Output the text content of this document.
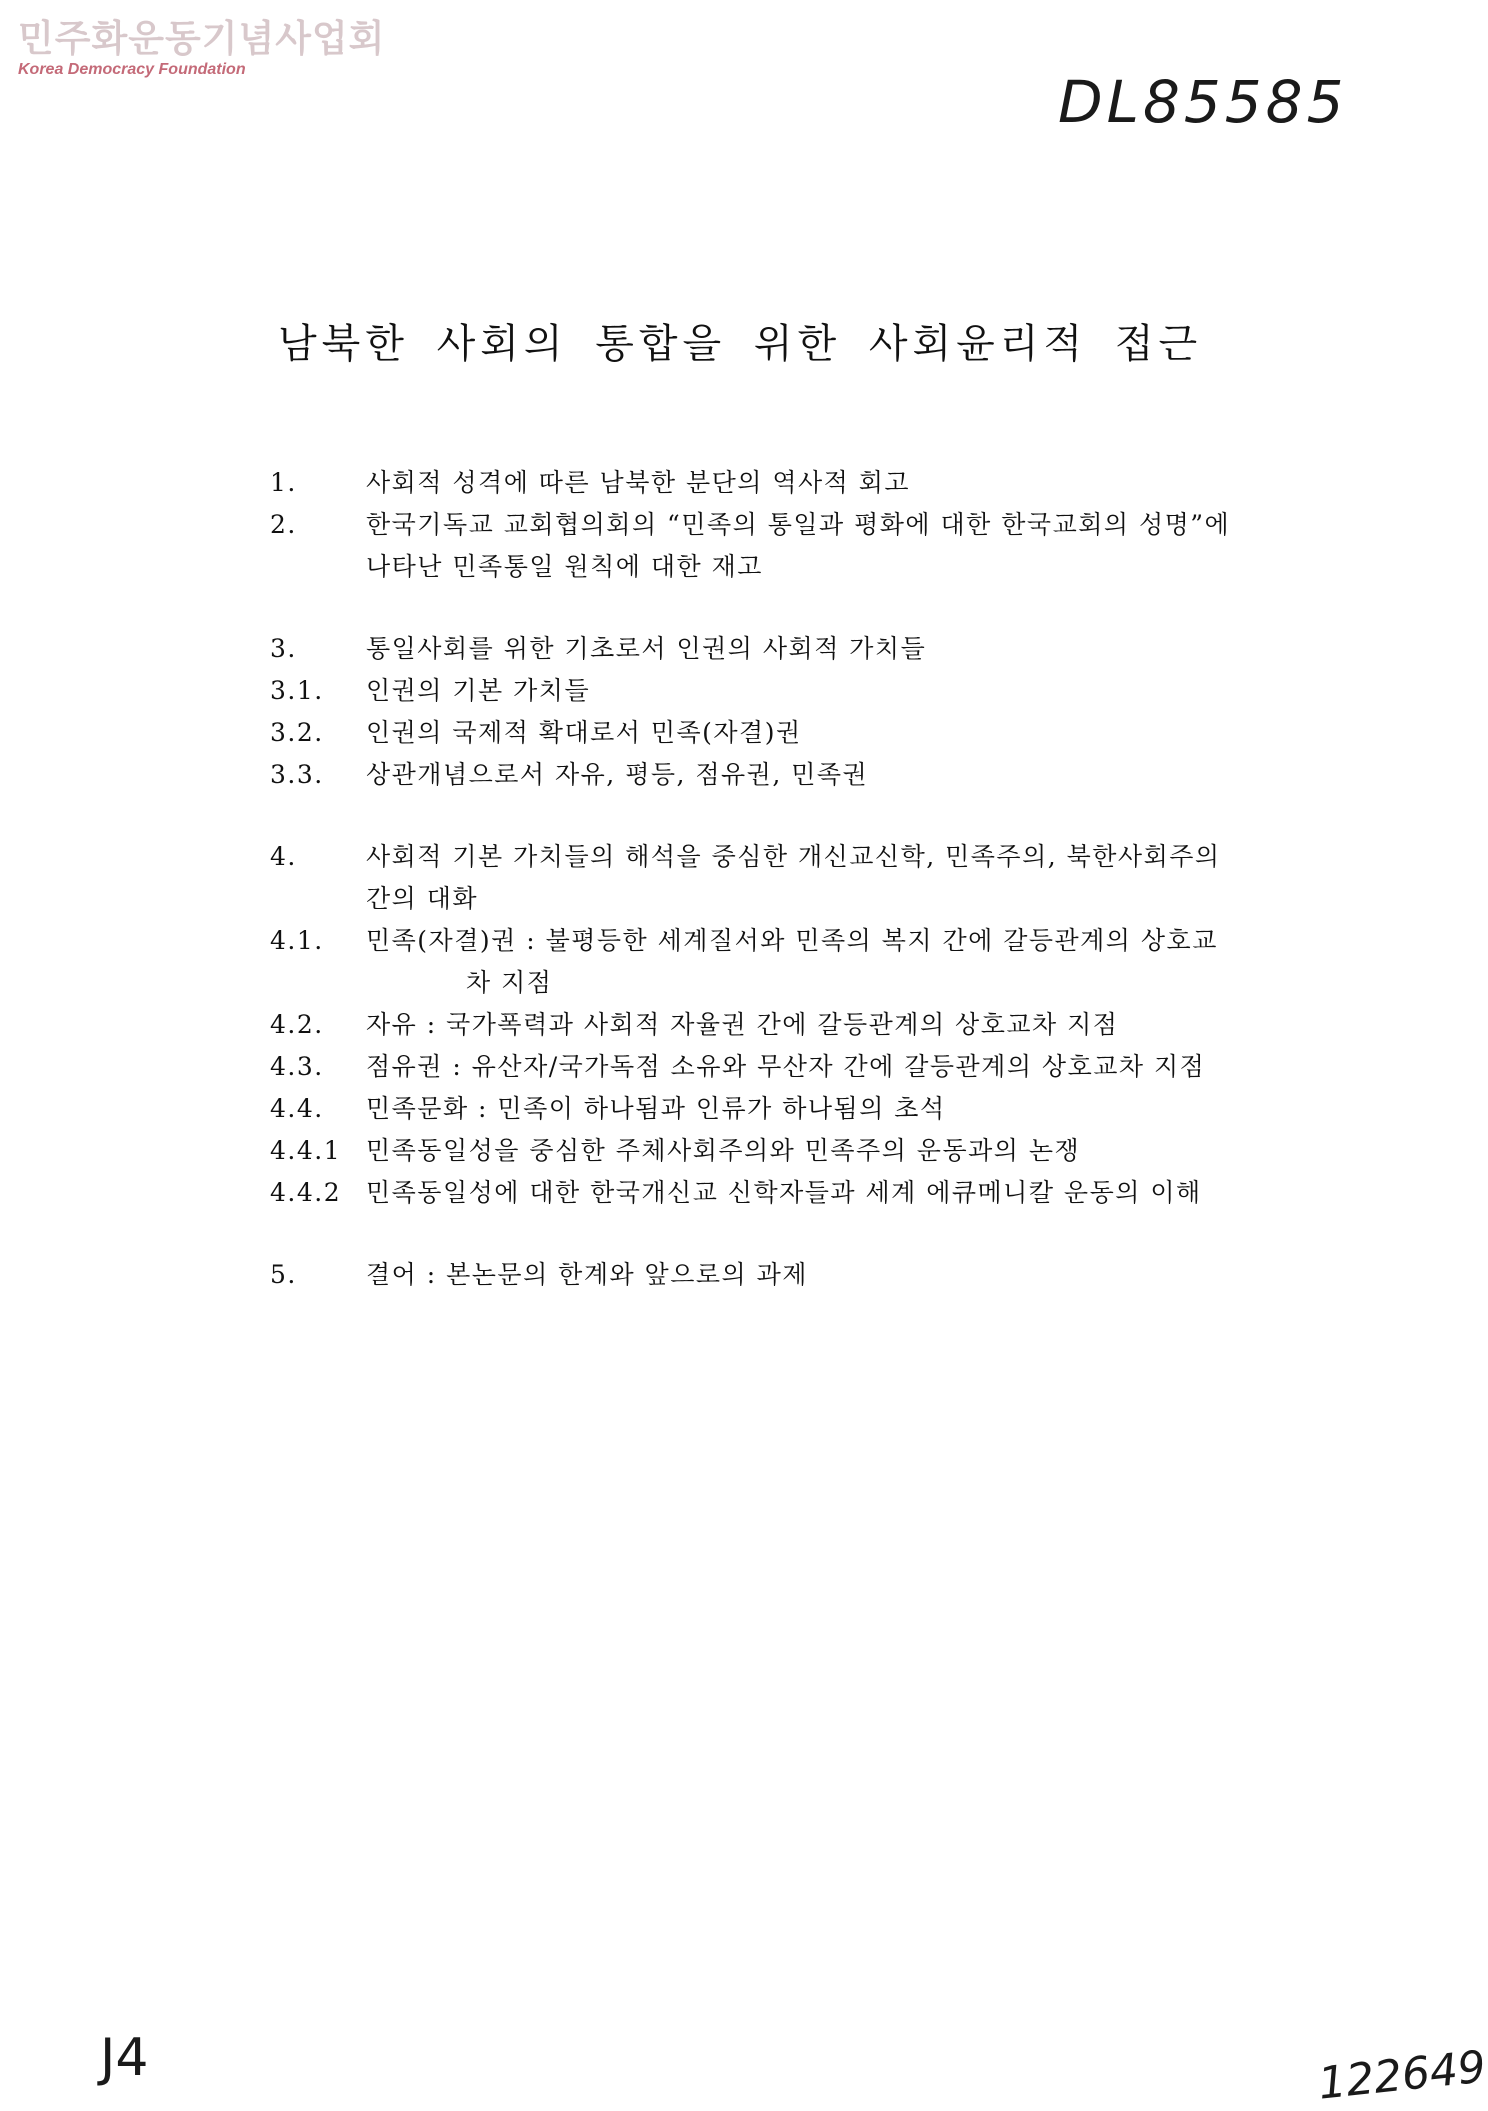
민주화운동기념사업회
Korea Democracy Foundation	DL85585
남북한 사회의 통합을 위한 사회윤리적 접근
1.	사회적 성격에 따른 남북한 분단의 역사적 회고
2.	한국기독교 교회협의회의 “민족의 통일과 평화에 대한 한국교회의 성명”에
나타난 민족통일 원칙에 대한 재고
3.	통일사회를 위한 기초로서 인권의 사회적 가치들
3.1.	인권의 기본 가치들
3.2.	인권의 국제적 확대로서 민족(자결)권
3.3.	상관개념으로서 자유, 평등, 점유권, 민족권
4.	사회적 기본 가치들의 해석을 중심한 개신교신학, 민족주의, 북한사회주의
간의 대화
4.1.	민족(자결)권 : 불평등한 세계질서와 민족의 복지 간에 갈등관계의 상호교
차 지점
4.2.	자유 : 국가폭력과 사회적 자율권 간에 갈등관계의 상호교차 지점
4.3.	점유권 : 유산자/국가독점 소유와 무산자 간에 갈등관계의 상호교차 지점
4.4.	민족문화 : 민족이 하나됨과 인류가 하나됨의 초석
4.4.1 민족동일성을 중심한 주체사회주의와 민족주의 운동과의 논쟁
4.4.2 민족동일성에 대한 한국개신교 신학자들과 세계 에큐메니칼 운동의 이해
5.	결어 : 본논문의 한계와 앞으로의 과제
J4	122649
